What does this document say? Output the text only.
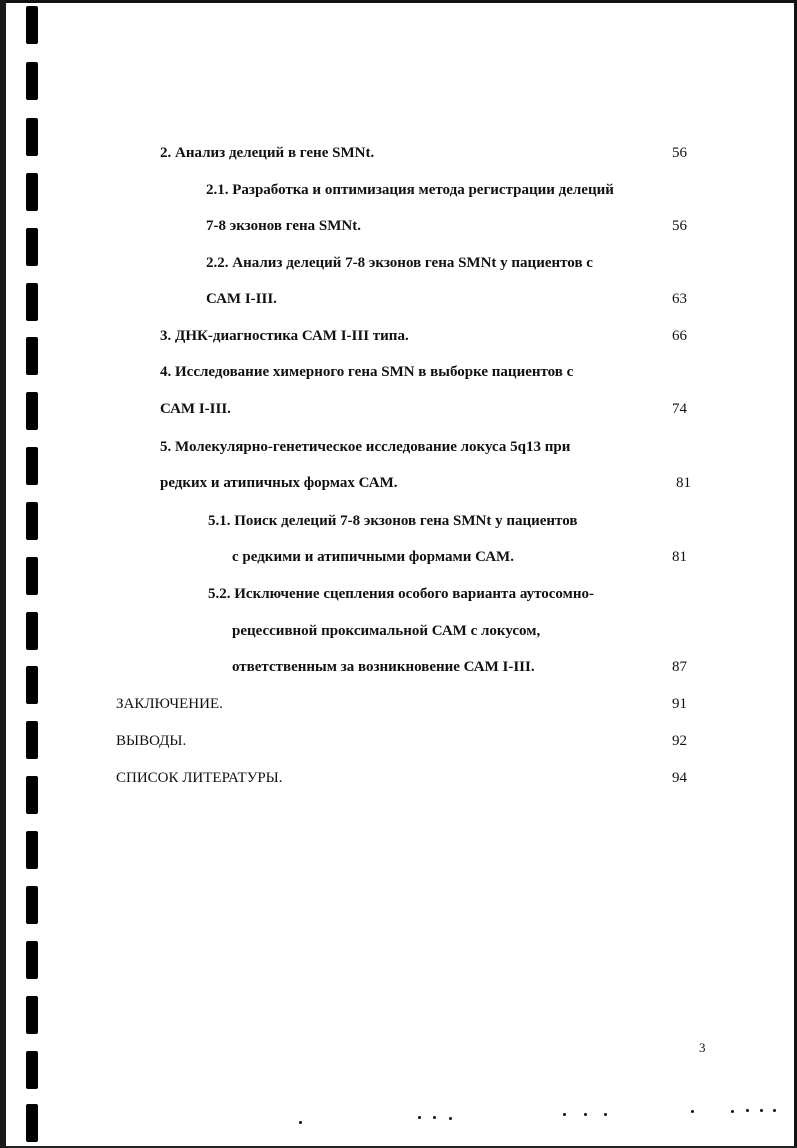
2. Анализ делеций в гене SMNt.	56
2.1. Разработка и оптимизация метода регистрации делеций
7-8 экзонов гена SMNt.	56
2.2. Анализ делеций 7-8 экзонов гена SMNt у пациентов с
САМ I-III.	63
3. ДНК-диагностика САМ I-III типа.	66
4. Исследование химерного гена SMN в выборке пациентов с
САМ I-III.	74
5. Молекулярно-генетическое исследование локуса 5q13 при
редких и атипичных формах САМ.	81
5.1. Поиск делеций 7-8 экзонов гена SMNt у пациентов
с редкими и атипичными формами САМ.	81
5.2. Исключение сцепления особого варианта аутосомно-
рецессивной проксимальной САМ с локусом,
ответственным за возникновение САМ I-III.	87
ЗАКЛЮЧЕНИЕ.	91
ВЫВОДЫ.	92
СПИСОК ЛИТЕРАТУРЫ.	94
3
